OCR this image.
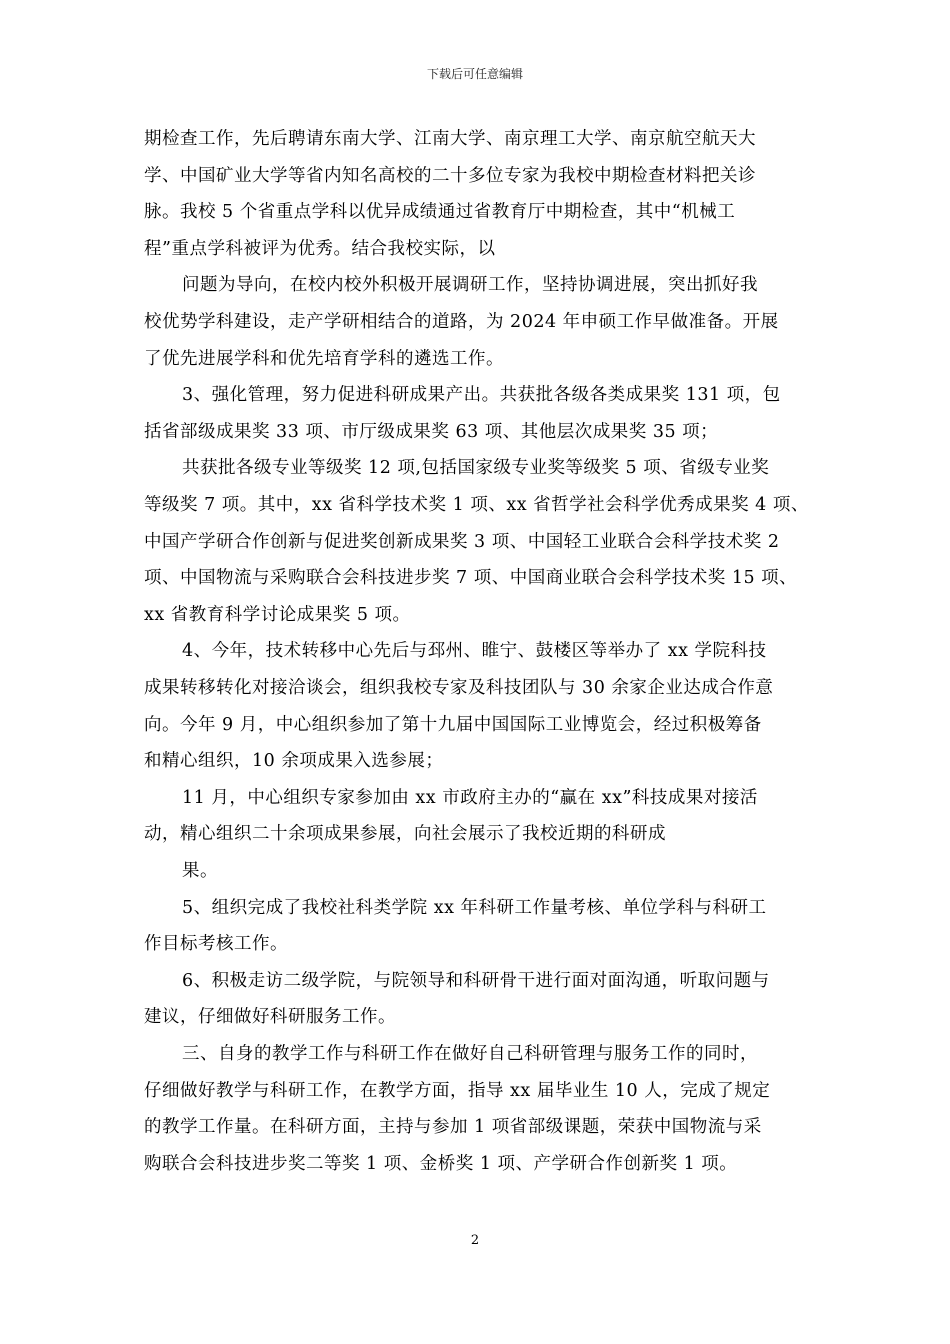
下载后可任意编辑
期检查工作，先后聘请东南大学、江南大学、南京理工大学、南京航空航天大
学、中国矿业大学等省内知名高校的二十多位专家为我校中期检查材料把关诊
脉。我校 5 个省重点学科以优异成绩通过省教育厅中期检查，其中“机械工
程”重点学科被评为优秀。结合我校实际，以
问题为导向，在校内校外积极开展调研工作，坚持协调进展，突出抓好我
校优势学科建设，走产学研相结合的道路，为 2024 年申硕工作早做准备。开展
了优先进展学科和优先培育学科的遴选工作。
3、强化管理，努力促进科研成果产出。共获批各级各类成果奖 131 项，包
括省部级成果奖 33 项、市厅级成果奖 63 项、其他层次成果奖 35 项；
共获批各级专业等级奖 12 项,包括国家级专业奖等级奖 5 项、省级专业奖
等级奖 7 项。其中，xx 省科学技术奖 1 项、xx 省哲学社会科学优秀成果奖 4 项、
中国产学研合作创新与促进奖创新成果奖 3 项、中国轻工业联合会科学技术奖 2
项、中国物流与采购联合会科技进步奖 7 项、中国商业联合会科学技术奖 15 项、
xx 省教育科学讨论成果奖 5 项。
4、今年，技术转移中心先后与邳州、睢宁、鼓楼区等举办了 xx 学院科技
成果转移转化对接洽谈会，组织我校专家及科技团队与 30 余家企业达成合作意
向。今年 9 月，中心组织参加了第十九届中国国际工业博览会，经过积极筹备
和精心组织，10 余项成果入选参展；
11 月，中心组织专家参加由 xx 市政府主办的“赢在 xx”科技成果对接活
动，精心组织二十余项成果参展，向社会展示了我校近期的科研成
果。
5、组织完成了我校社科类学院 xx 年科研工作量考核、单位学科与科研工
作目标考核工作。
6、积极走访二级学院，与院领导和科研骨干进行面对面沟通，听取问题与
建议，仔细做好科研服务工作。
三、自身的教学工作与科研工作在做好自己科研管理与服务工作的同时，
仔细做好教学与科研工作，在教学方面，指导 xx 届毕业生 10 人，完成了规定
的教学工作量。在科研方面，主持与参加 1 项省部级课题，荣获中国物流与采
购联合会科技进步奖二等奖 1 项、金桥奖 1 项、产学研合作创新奖 1 项。
2
